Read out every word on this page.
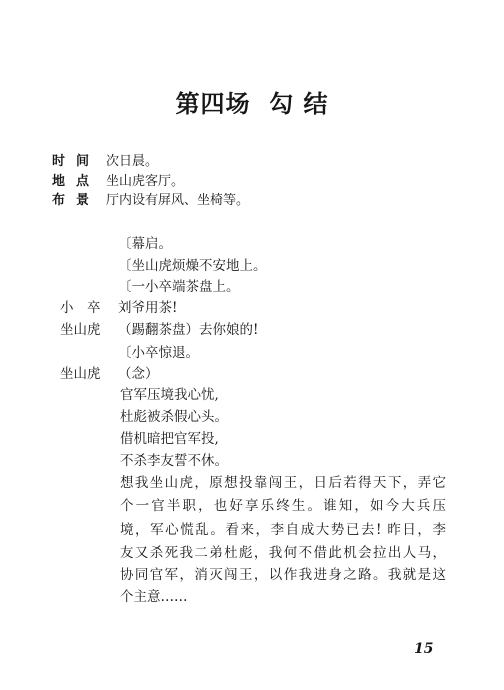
第四场  勾 结
时 间	次日晨。
地 点	坐山虎客厅。
布 景	厅内设有屏风、坐椅等。
〔幕启。
〔坐山虎烦燥不安地上。
〔一小卒端茶盘上。
小　卒 刘爷用茶!
坐山虎 （踢翻茶盘）去你娘的!
〔小卒惊退。
坐山虎 （念）
官军压境我心忧,
杜彪被杀假心头。
借机暗把官军投,
不杀李友誓不休。
想我坐山虎，原想投靠闯王，日后若得天下，弄它
个一官半职，也好享乐终生。谁知，如今大兵压
境，军心慌乱。看来，李自成大势已去! 昨日，李
友又杀死我二弟杜彪，我何不借此机会拉出人马，
协同官军，消灭闯王，以作我进身之路。我就是这
个主意……
15
